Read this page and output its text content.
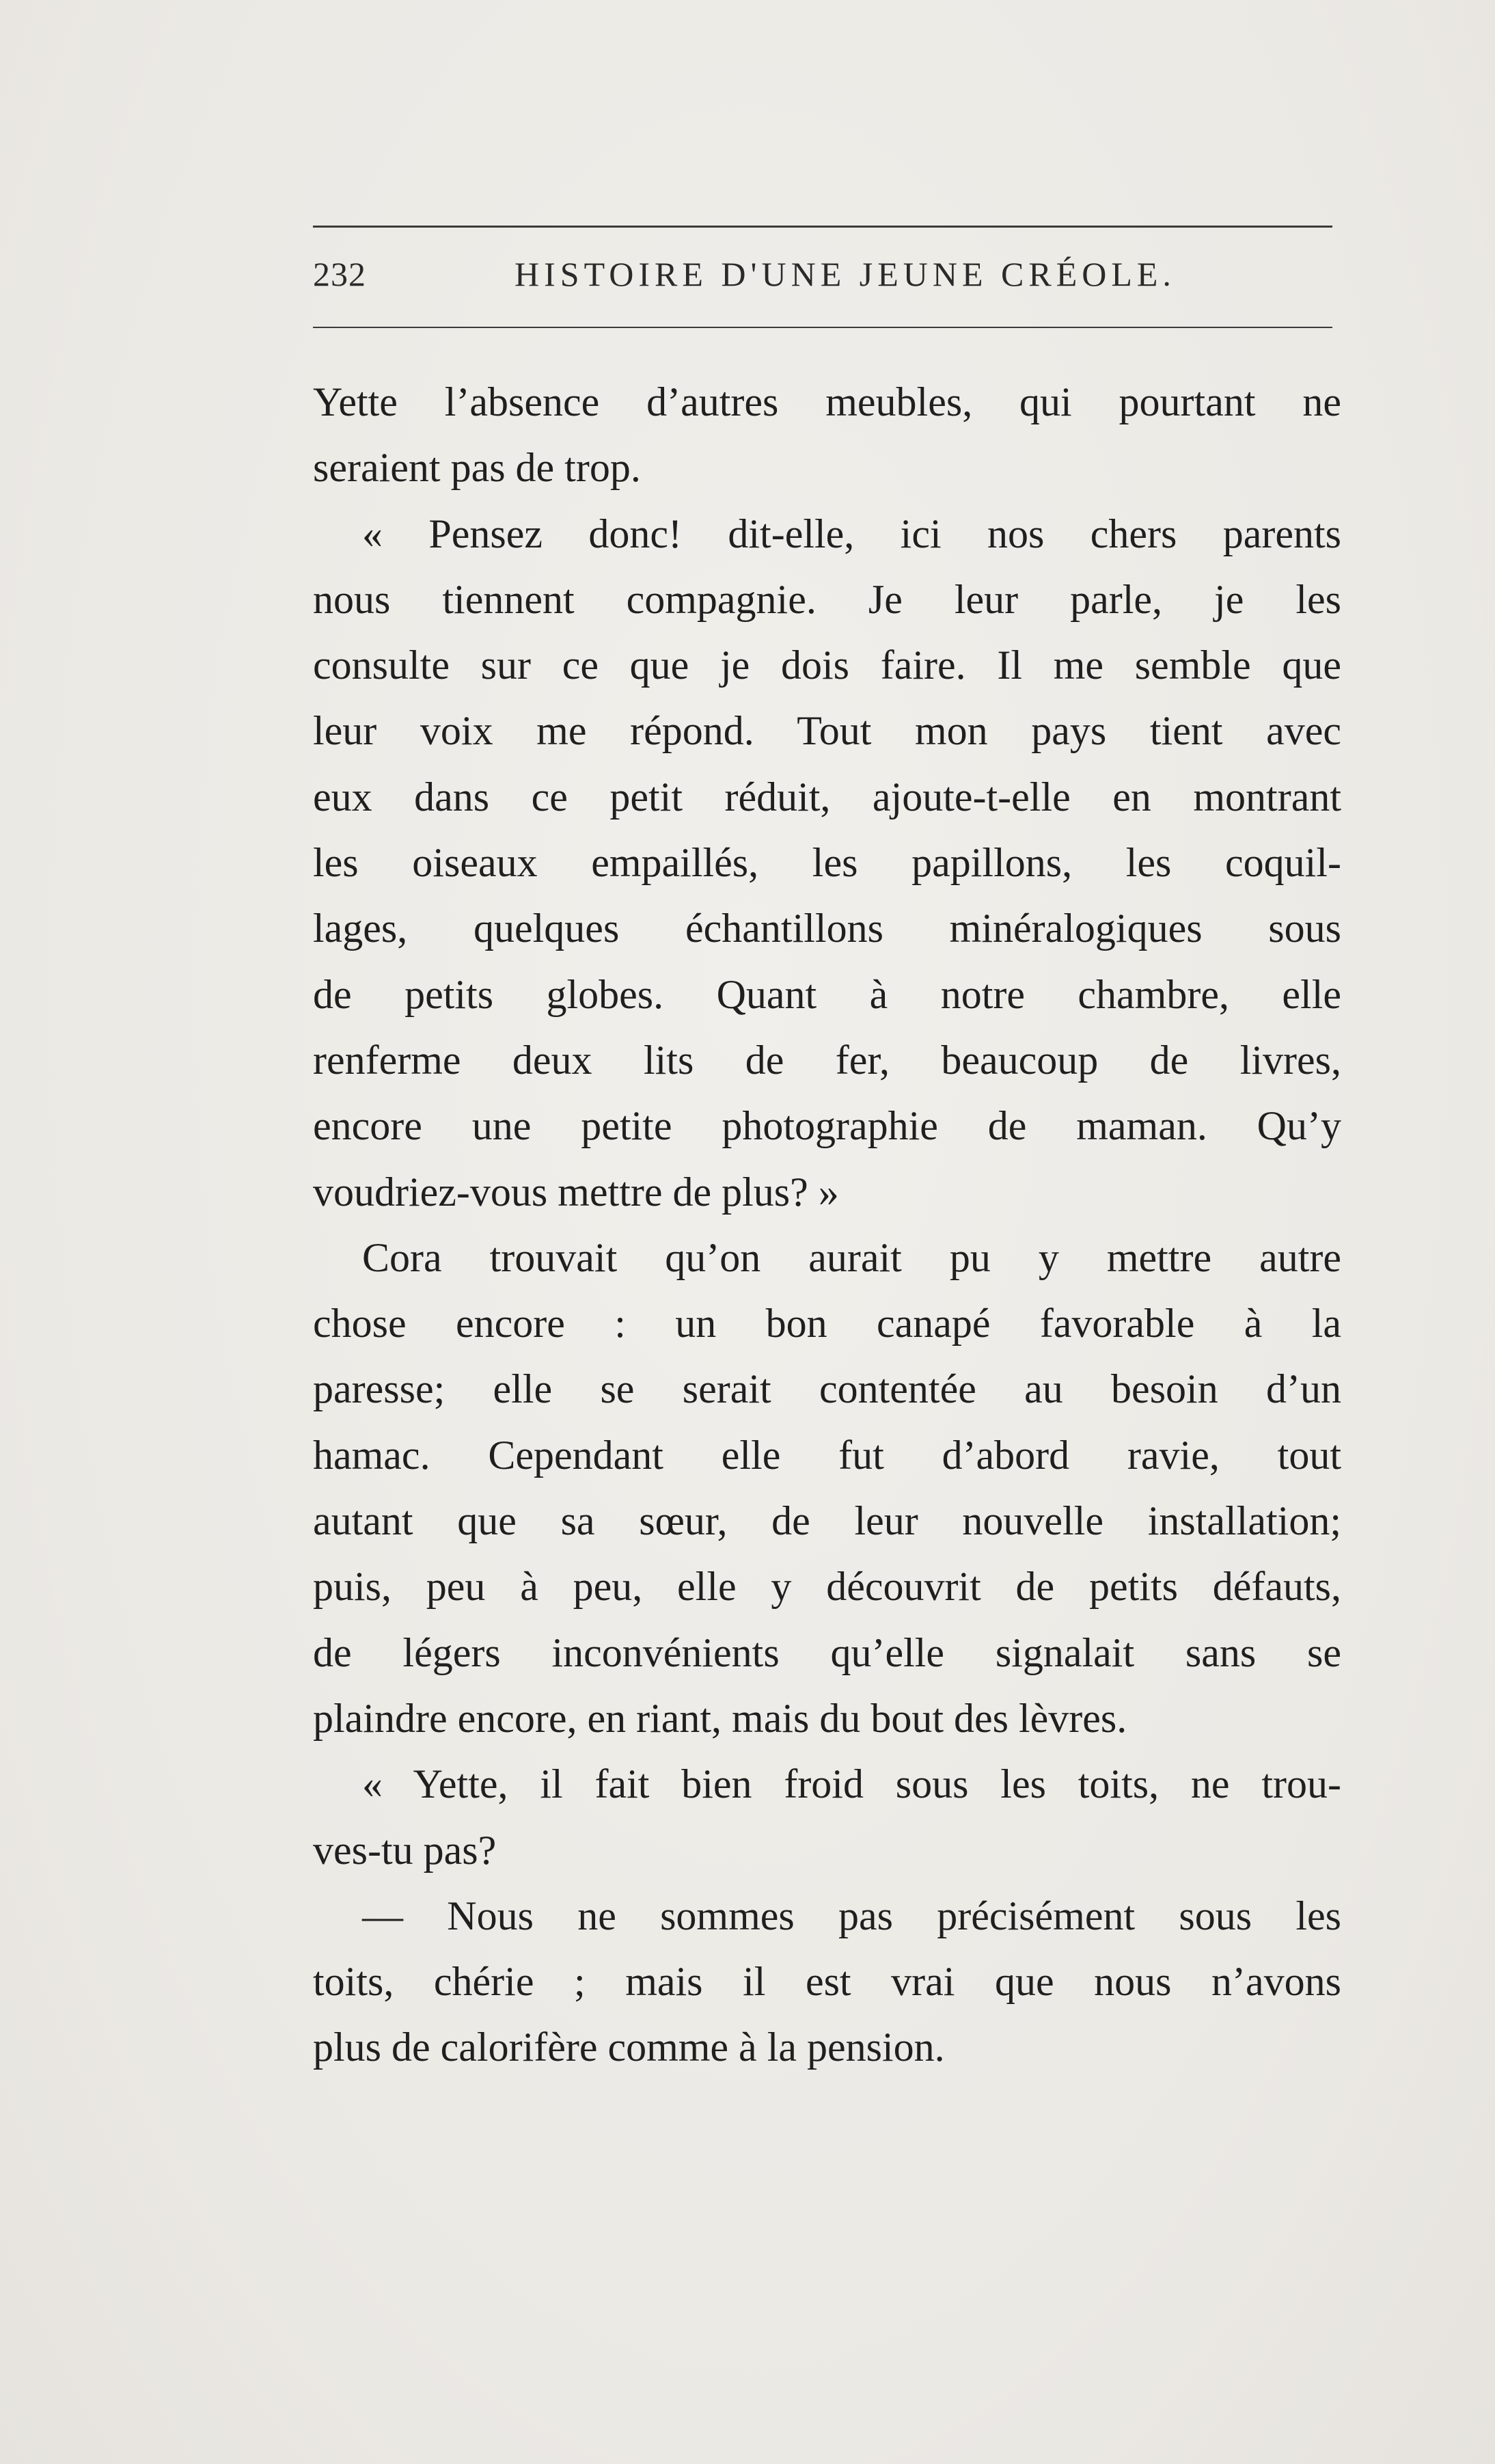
232	HISTOIRE D'UNE JEUNE CRÉOLE.
Yette l’absence d’autres meubles, qui pourtant ne
seraient pas de trop.
« Pensez donc! dit-elle, ici nos chers parents
nous tiennent compagnie. Je leur parle, je les
consulte sur ce que je dois faire. Il me semble que
leur voix me répond. Tout mon pays tient avec
eux dans ce petit réduit, ajoute-t-elle en montrant
les oiseaux empaillés, les papillons, les coquil-
lages, quelques échantillons minéralogiques sous
de petits globes. Quant à notre chambre, elle
renferme deux lits de fer, beaucoup de livres,
encore une petite photographie de maman. Qu’y
voudriez-vous mettre de plus? »
Cora trouvait qu’on aurait pu y mettre autre
chose encore : un bon canapé favorable à la
paresse; elle se serait contentée au besoin d’un
hamac. Cependant elle fut d’abord ravie, tout
autant que sa sœur, de leur nouvelle installation;
puis, peu à peu, elle y découvrit de petits défauts,
de légers inconvénients qu’elle signalait sans se
plaindre encore, en riant, mais du bout des lèvres.
« Yette, il fait bien froid sous les toits, ne trou-
ves-tu pas?
— Nous ne sommes pas précisément sous les
toits, chérie ; mais il est vrai que nous n’avons
plus de calorifère comme à la pension.
